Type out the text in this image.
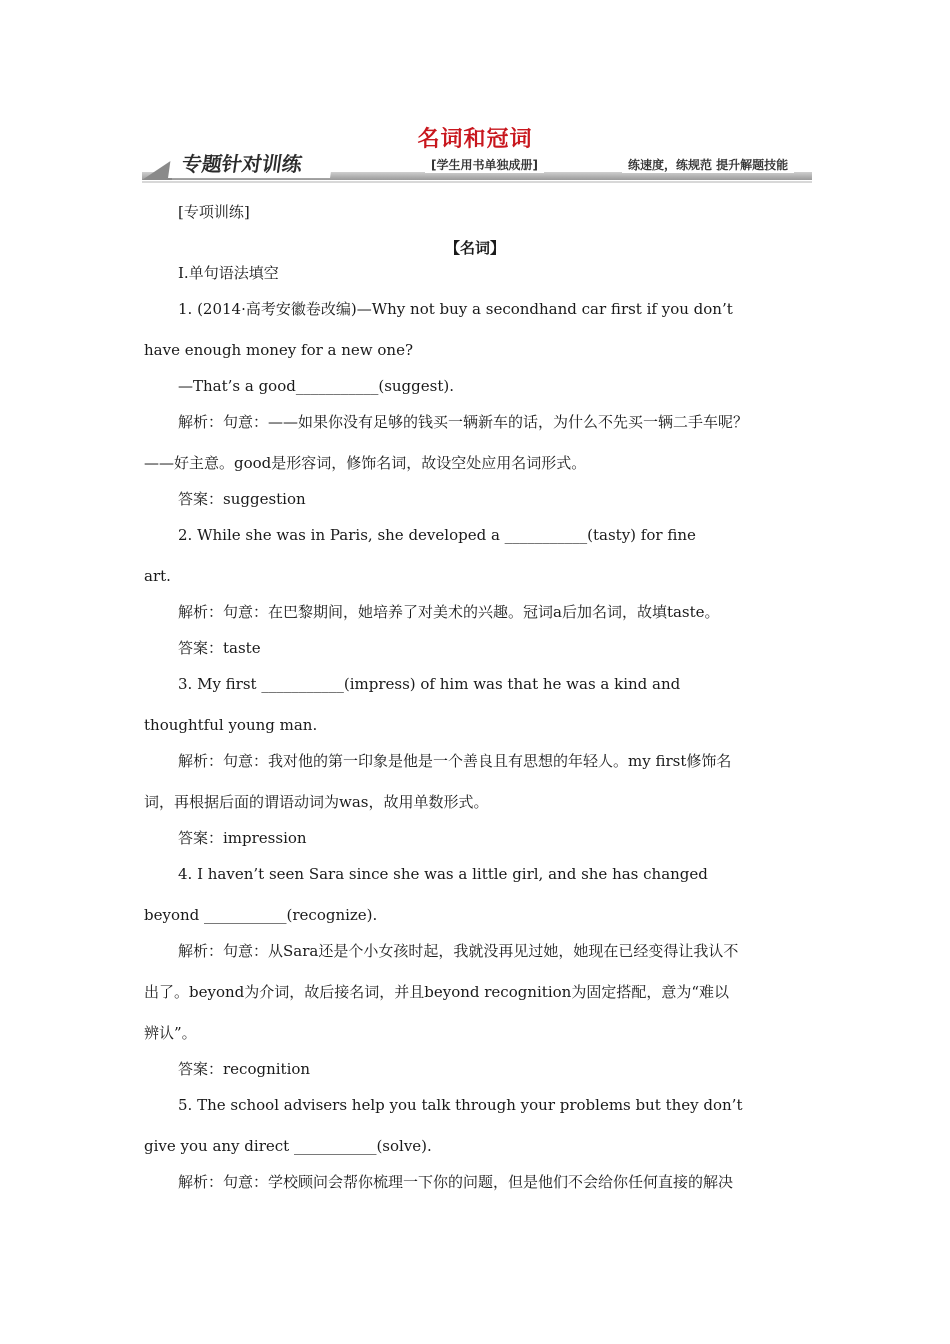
名词和冠词
专题针对训练	[学生用书单独成册]	练速度，练规范 提升解题技能
[专项训练]
【名词】
Ⅰ.单句语法填空
1. (2014·高考安徽卷改编)—Why not buy a secondhand car first if you don’t
have enough money for a new one?
—That’s a good___________(suggest).
解析：句意：——如果你没有足够的钱买一辆新车的话，为什么不先买一辆二手车呢？
——好主意。good是形容词，修饰名词，故设空处应用名词形式。
答案：suggestion
2. While she was in Paris, she developed a ___________(tasty) for fine
art.
解析：句意：在巴黎期间，她培养了对美术的兴趣。冠词a后加名词，故填taste。
答案：taste
3. My first ___________(impress) of him was that he was a kind and
thoughtful young man.
解析：句意：我对他的第一印象是他是一个善良且有思想的年轻人。my first修饰名
词，再根据后面的谓语动词为was，故用单数形式。
答案：impression
4. I haven’t seen Sara since she was a little girl, and she has changed
beyond ___________(recognize).
解析：句意：从Sara还是个小女孩时起，我就没再见过她，她现在已经变得让我认不
出了。beyond为介词，故后接名词，并且beyond recognition为固定搭配，意为“难以
辨认”。
答案：recognition
5. The school advisers help you talk through your problems but they don’t
give you any direct ___________(solve).
解析：句意：学校顾问会帮你梳理一下你的问题，但是他们不会给你任何直接的解决
